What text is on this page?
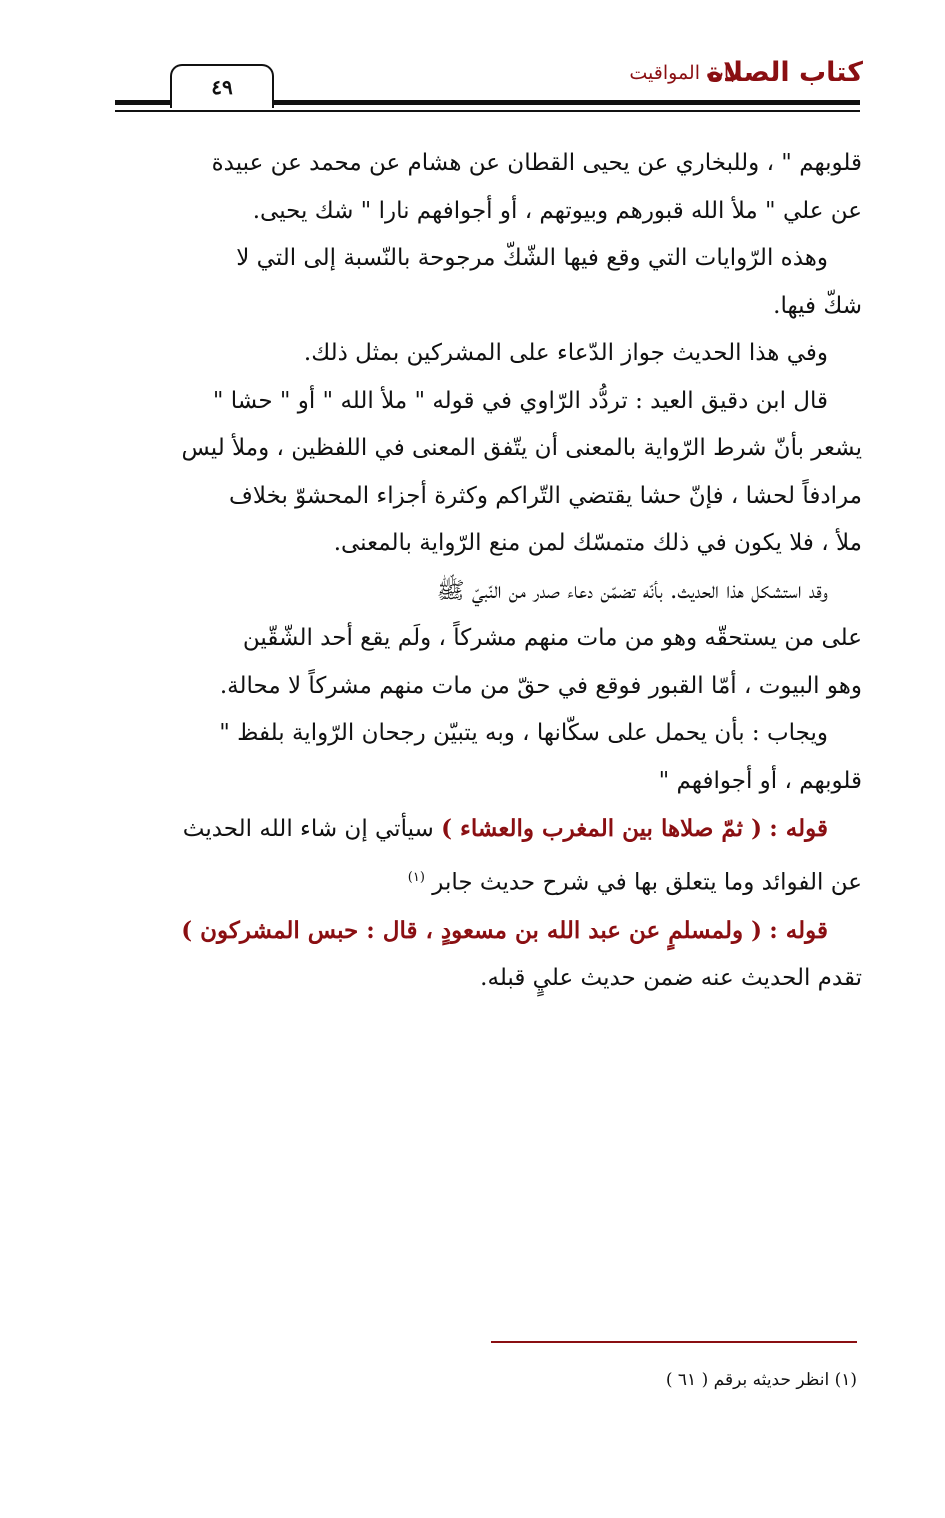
كتاب الصلاة
باب المواقيت
٤٩

قلوبهم " ، وللبخاري عن يحيى القطان عن هشام عن محمد عن عبيدة

عن علي " ملأ الله قبورهم وبيوتهم ، أو أجوافهم نارا " شك يحيى.

وهذه الرّوايات التي وقع فيها الشّكّ مرجوحة بالنّسبة إلى التي لا

شكّ فيها.

وفي هذا الحديث جواز الدّعاء على المشركين بمثل ذلك.

قال ابن دقيق العيد : تردُّد الرّاوي في قوله " ملأ الله " أو " حشا "

يشعر بأنّ شرط الرّواية بالمعنى أن يتّفق المعنى في اللفظين ، وملأ ليس

مرادفاً لحشا ، فإنّ حشا يقتضي التّراكم وكثرة أجزاء المحشوّ بخلاف

ملأ ، فلا يكون في ذلك متمسّك لمن منع الرّواية بالمعنى.

وقد استشكل هذا الحديث. بأنّه تضمّن دعاء صدر من النّبيّ ﷺ

على من يستحقّه وهو من مات منهم مشركاً ، ولَم يقع أحد الشّقّين

وهو البيوت ، أمّا القبور فوقع في حقّ من مات منهم مشركاً لا محالة.

ويجاب : بأن يحمل على سكّانها ، وبه يتبيّن رجحان الرّواية بلفظ "

قلوبهم ، أو أجوافهم "

قوله : ( ثمّ صلاها بين المغرب والعشاء ) سيأتي إن شاء الله الحديث

عن الفوائد وما يتعلق بها في شرح حديث جابر $^{(١)}$

قوله : ( ولمسلمٍ عن عبد الله بن مسعودٍ ، قال : حبس المشركون )

تقدم الحديث عنه ضمن حديث عليٍ قبله.

(١) انظر حديثه برقم ( ٦١ )
